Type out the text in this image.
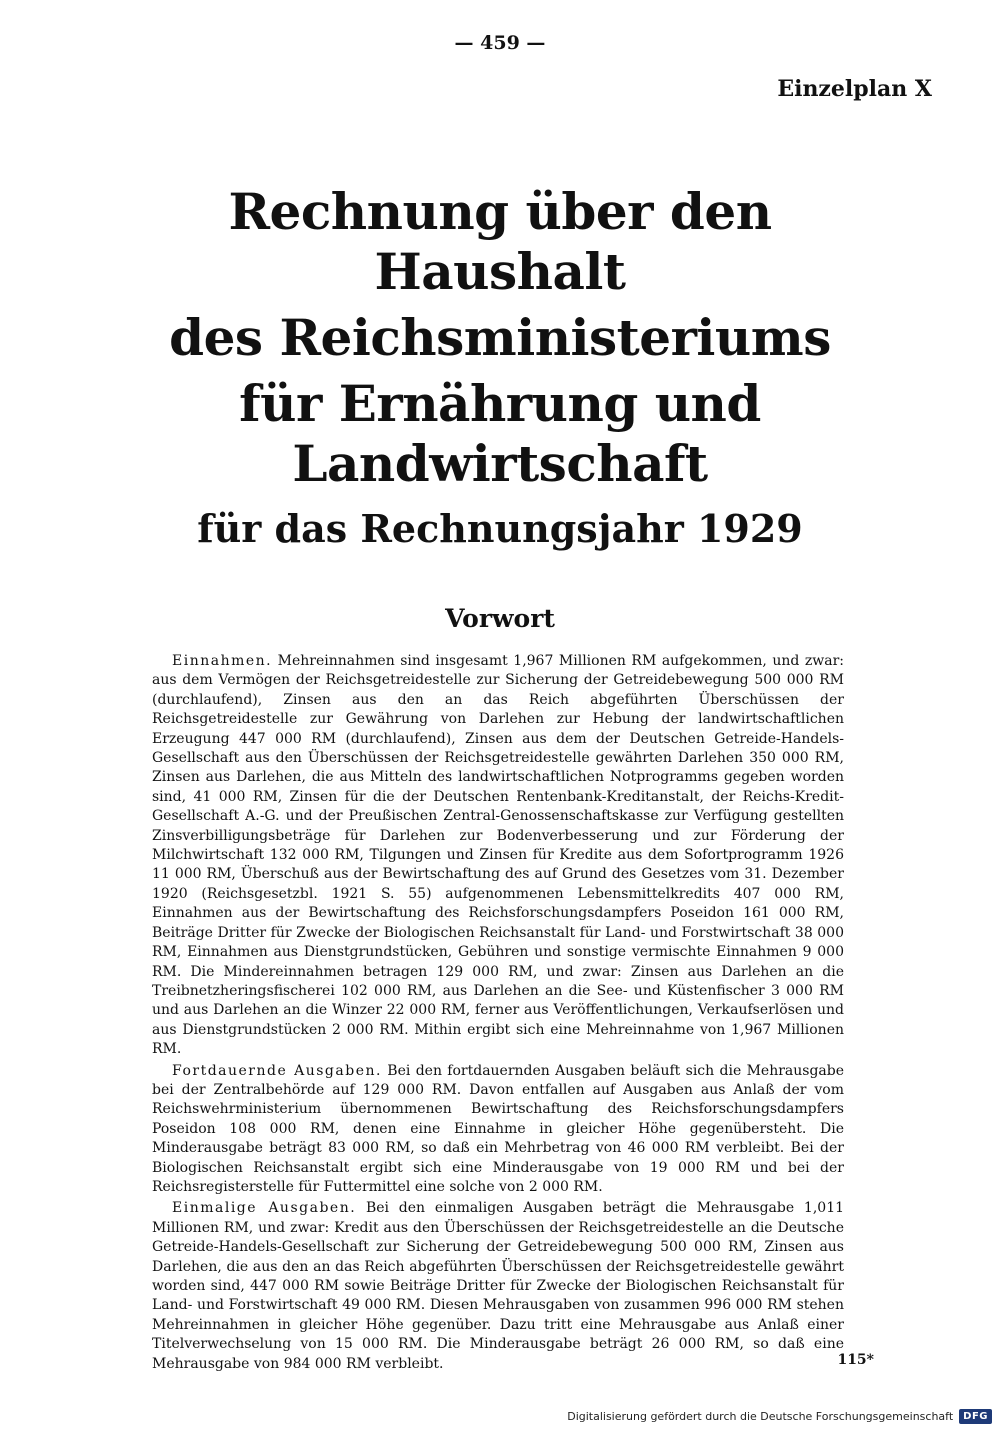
— 459 —
Einzelplan X
Rechnung über den Haushalt
des Reichsministeriums
für Ernährung und Landwirtschaft
für das Rechnungsjahr 1929
Vorwort

Einnahmen. Mehreinnahmen sind insgesamt 1,967 Millionen RM aufgekommen, und zwar: aus dem Vermögen der Reichsgetreidestelle zur Sicherung der Getreidebewegung 500 000 RM (durchlaufend), Zinsen aus den an das Reich abgeführten Überschüssen der Reichsgetreidestelle zur Gewährung von Darlehen zur Hebung der landwirtschaftlichen Erzeugung 447 000 RM (durchlaufend), Zinsen aus dem der Deutschen Getreide-Handels-Gesellschaft aus den Überschüssen der Reichsgetreidestelle gewährten Darlehen 350 000 RM, Zinsen aus Darlehen, die aus Mitteln des landwirtschaftlichen Notprogramms gegeben worden sind, 41 000 RM, Zinsen für die der Deutschen Rentenbank-Kreditanstalt, der Reichs-Kredit-Gesellschaft A.-G. und der Preußischen Zentral-Genossenschaftskasse zur Verfügung gestellten Zinsverbilligungsbeträge für Darlehen zur Bodenverbesserung und zur Förderung der Milchwirtschaft 132 000 RM, Tilgungen und Zinsen für Kredite aus dem Sofortprogramm 1926 11 000 RM, Überschuß aus der Bewirtschaftung des auf Grund des Gesetzes vom 31. Dezember 1920 (Reichsgesetzbl. 1921 S. 55) aufgenommenen Lebensmittelkredits 407 000 RM, Einnahmen aus der Bewirtschaftung des Reichsforschungsdampfers Poseidon 161 000 RM, Beiträge Dritter für Zwecke der Biologischen Reichsanstalt für Land- und Forstwirtschaft 38 000 RM, Einnahmen aus Dienstgrundstücken, Gebühren und sonstige vermischte Einnahmen 9 000 RM. Die Mindereinnahmen betragen 129 000 RM, und zwar: Zinsen aus Darlehen an die Treibnetzheringsfischerei 102 000 RM, aus Darlehen an die See- und Küstenfischer 3 000 RM und aus Darlehen an die Winzer 22 000 RM, ferner aus Veröffentlichungen, Verkaufserlösen und aus Dienstgrundstücken 2 000 RM. Mithin ergibt sich eine Mehreinnahme von 1,967 Millionen RM.

Fortdauernde Ausgaben. Bei den fortdauernden Ausgaben beläuft sich die Mehrausgabe bei der Zentralbehörde auf 129 000 RM. Davon entfallen auf Ausgaben aus Anlaß der vom Reichswehrministerium übernommenen Bewirtschaftung des Reichsforschungsdampfers Poseidon 108 000 RM, denen eine Einnahme in gleicher Höhe gegenübersteht. Die Minderausgabe beträgt 83 000 RM, so daß ein Mehrbetrag von 46 000 RM verbleibt. Bei der Biologischen Reichsanstalt ergibt sich eine Minderausgabe von 19 000 RM und bei der Reichsregisterstelle für Futtermittel eine solche von 2 000 RM.

Einmalige Ausgaben. Bei den einmaligen Ausgaben beträgt die Mehrausgabe 1,011 Millionen RM, und zwar: Kredit aus den Überschüssen der Reichsgetreidestelle an die Deutsche Getreide-Handels-Gesellschaft zur Sicherung der Getreidebewegung 500 000 RM, Zinsen aus Darlehen, die aus den an das Reich abgeführten Überschüssen der Reichsgetreidestelle gewährt worden sind, 447 000 RM sowie Beiträge Dritter für Zwecke der Biologischen Reichsanstalt für Land- und Forstwirtschaft 49 000 RM. Diesen Mehrausgaben von zusammen 996 000 RM stehen Mehreinnahmen in gleicher Höhe gegenüber. Dazu tritt eine Mehrausgabe aus Anlaß einer Titelverwechselung von 15 000 RM. Die Minderausgabe beträgt 26 000 RM, so daß eine Mehrausgabe von 984 000 RM verbleibt.	115*
Digitalisierung gefördert durch die Deutsche Forschungsgemeinschaft	DFG
